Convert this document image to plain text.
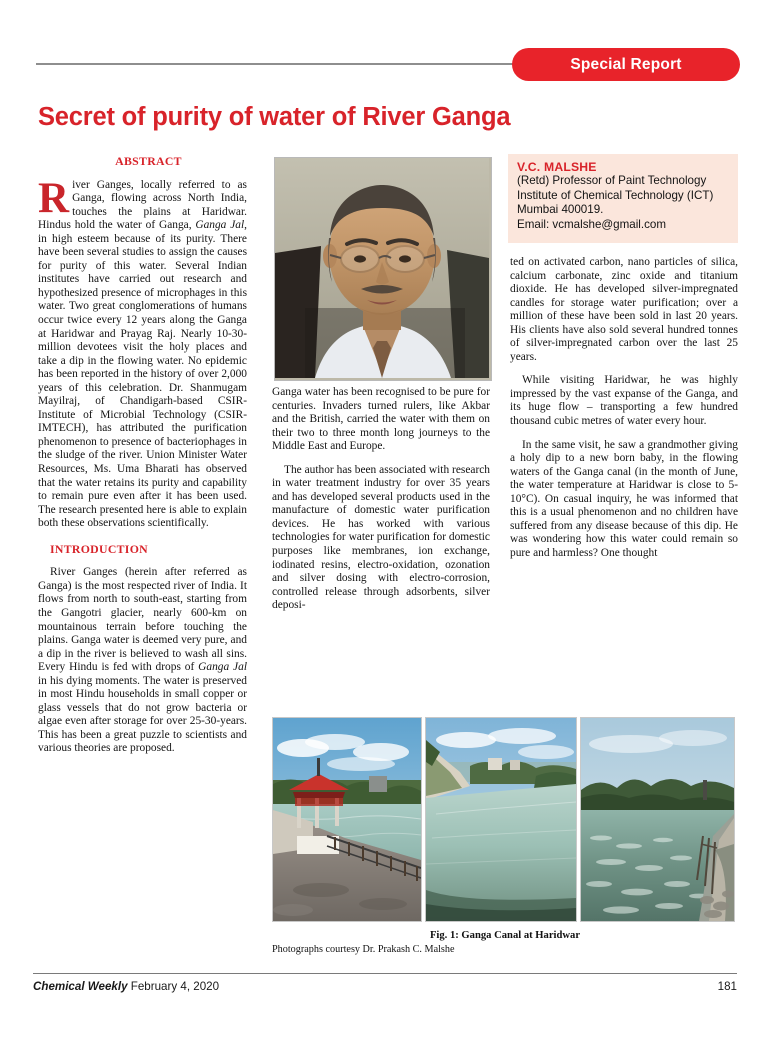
Special Report
Secret of purity of water of River Ganga

ABSTRACT

River Ganges, locally referred to as Ganga, flowing across North India, touches the plains at Haridwar. Hindus hold the water of Ganga, Ganga Jal, in high esteem because of its purity. There have been several studies to assign the causes for purity of this water. Several Indian institutes have carried out research and hypothesized presence of microphages in this water. Two great conglomerations of humans occur twice every 12 years along the Ganga at Haridwar and Prayag Raj. Nearly 10-30-million devotees visit the holy places and take a dip in the flowing water. No epidemic has been reported in the history of over 2,000 years of this celebration. Dr. Shanmugam Mayilraj, of Chandigarh-based CSIR-Institute of Microbial Technology (CSIR-IMTECH), has attributed the purification phenomenon to presence of bacteriophages in the sludge of the river. Union Minister Water Resources, Ms. Uma Bharati has observed that the water retains its purity and capability to remain pure even after it has been used. The research presented here is able to explain both these observations scientifically.

INTRODUCTION

River Ganges (herein after referred as Ganga) is the most respected river of India. It flows from north to south-east, starting from the Gangotri glacier, nearly 600-km on mountainous terrain before touching the plains. Ganga water is deemed very pure, and a dip in the river is believed to wash all sins. Every Hindu is fed with drops of Ganga Jal in his dying moments. The water is preserved in most Hindu households in small copper or glass vessels that do not grow bacteria or algae even after storage for over 25-30-years. This has been a great puzzle to scientists and various theories are proposed.

V.C. MALSHE
(Retd) Professor of Paint Technology
Institute of Chemical Technology (ICT)
Mumbai 400019.
Email: vcmalshe@gmail.com

Ganga water has been recognised to be pure for centuries. Invaders turned rulers, like Akbar and the British, carried the water with them on their two to three month long journeys to the Middle East and Europe.

The author has been associated with research in water treatment industry for over 35 years and has developed several products used in the manufacture of domestic water purification devices. He has worked with various technologies for water purification for domestic purposes like membranes, ion exchange, iodinated resins, electro-oxidation, ozonation and silver dosing with electro-corrosion, controlled release through adsorbents, silver deposi-

ted on activated carbon, nano particles of silica, calcium carbonate, zinc oxide and titanium dioxide. He has developed silver-impregnated candles for storage water purification; over a million of these have been sold in last 20 years. His clients have also sold several hundred tonnes of silver-impregnated carbon over the last 25 years.

While visiting Haridwar, he was highly impressed by the vast expanse of the Ganga, and its huge flow – transporting a few hundred thousand cubic metres of water every hour.

In the same visit, he saw a grandmother giving a holy dip to a new born baby, in the flowing waters of the Ganga canal (in the month of June, the water temperature at Haridwar is close to 5-10°C). On casual inquiry, he was informed that this is a usual phenomenon and no children have suffered from any disease because of this dip. He was wondering how this water could remain so pure and harmless? One thought

Fig. 1: Ganga Canal at Haridwar
Photographs courtesy Dr. Prakash C. Malshe
Chemical Weekly February 4, 2020	181
